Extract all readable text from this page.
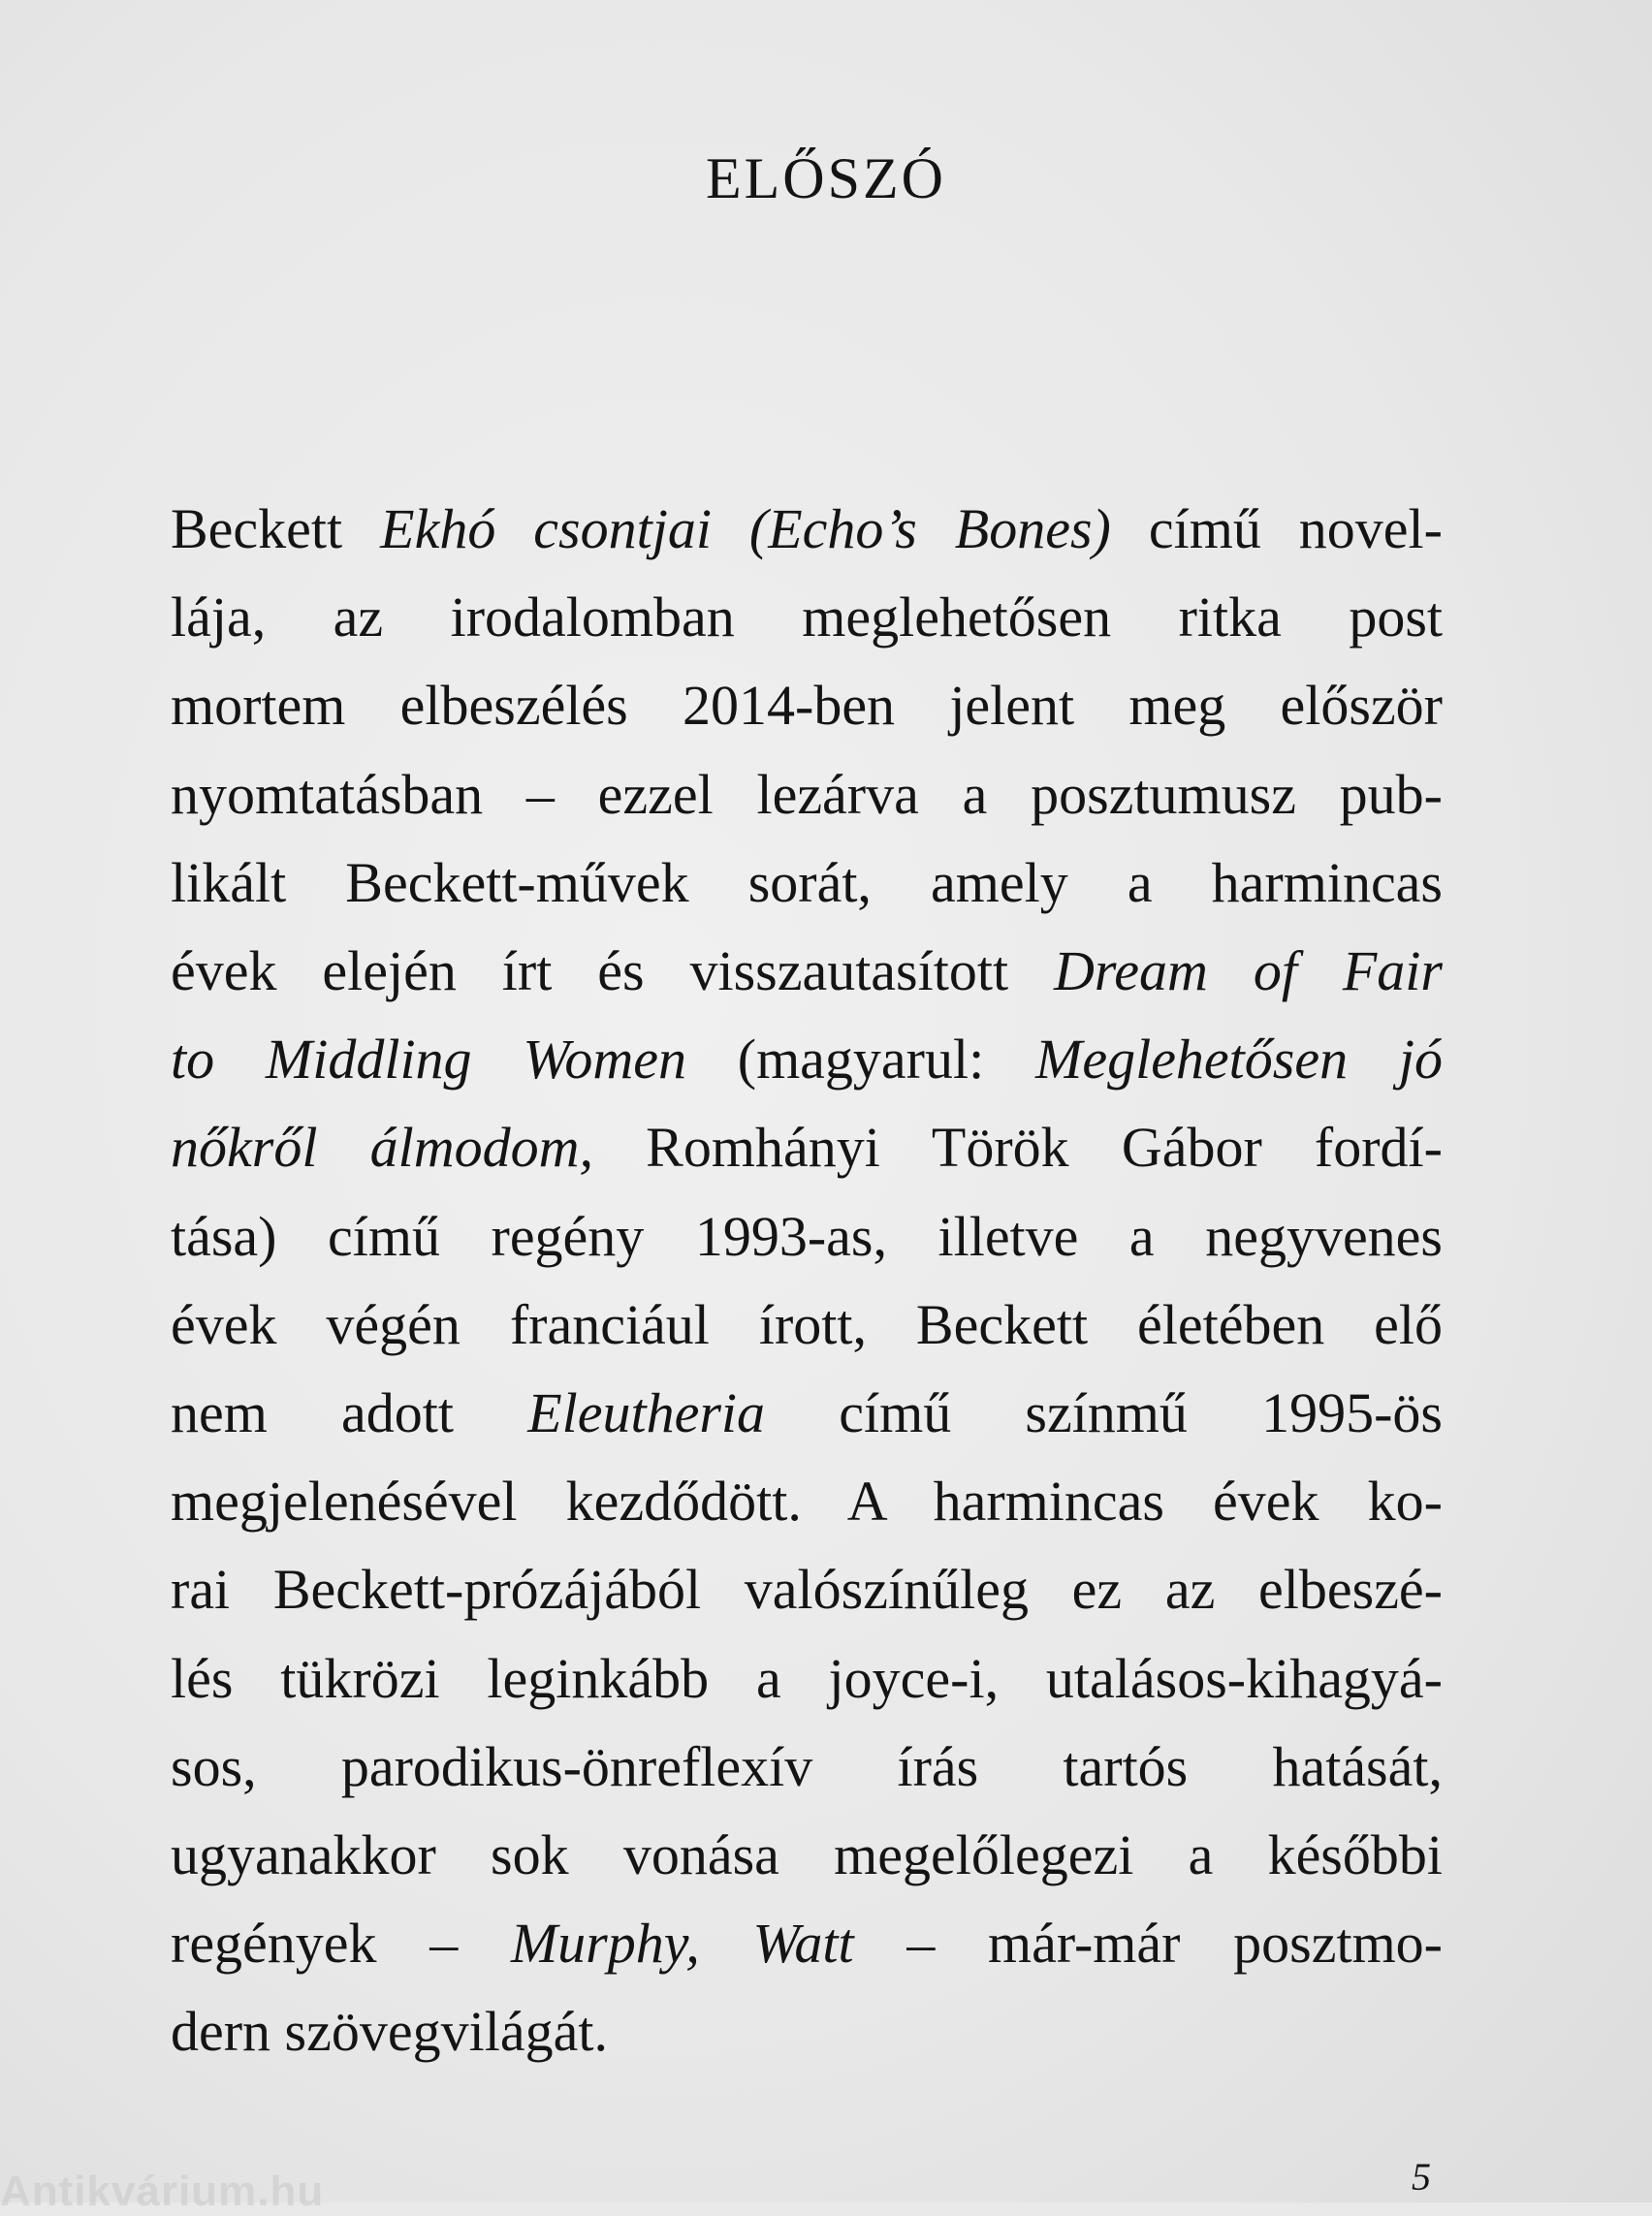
ELŐSZÓ

Beckett Ekhó csontjai (Echo’s Bones) című novel-
lája, az irodalomban meglehetősen ritka post
mortem elbeszélés 2014-ben jelent meg először
nyomtatásban – ezzel lezárva a posztumusz pub-
likált Beckett-művek sorát, amely a harmincas
évek elején írt és visszautasított Dream of Fair
to Middling Women (magyarul: Meglehetősen jó
nőkről álmodom, Romhányi Török Gábor fordí-
tása) című regény 1993-as, illetve a negyvenes
évek végén franciául írott, Beckett életében elő
nem adott Eleutheria című színmű 1995-ös
megjelenésével kezdődött. A harmincas évek ko-
rai Beckett-prózájából valószínűleg ez az elbeszé-
lés tükrözi leginkább a joyce-i, utalásos-kihagyá-
sos, parodikus-önreflexív írás tartós hatását,
ugyanakkor sok vonása megelőlegezi a későbbi
regények – Murphy, Watt – már-már posztmo-
dern szövegvilágát.

5
Antikvárium.hu
